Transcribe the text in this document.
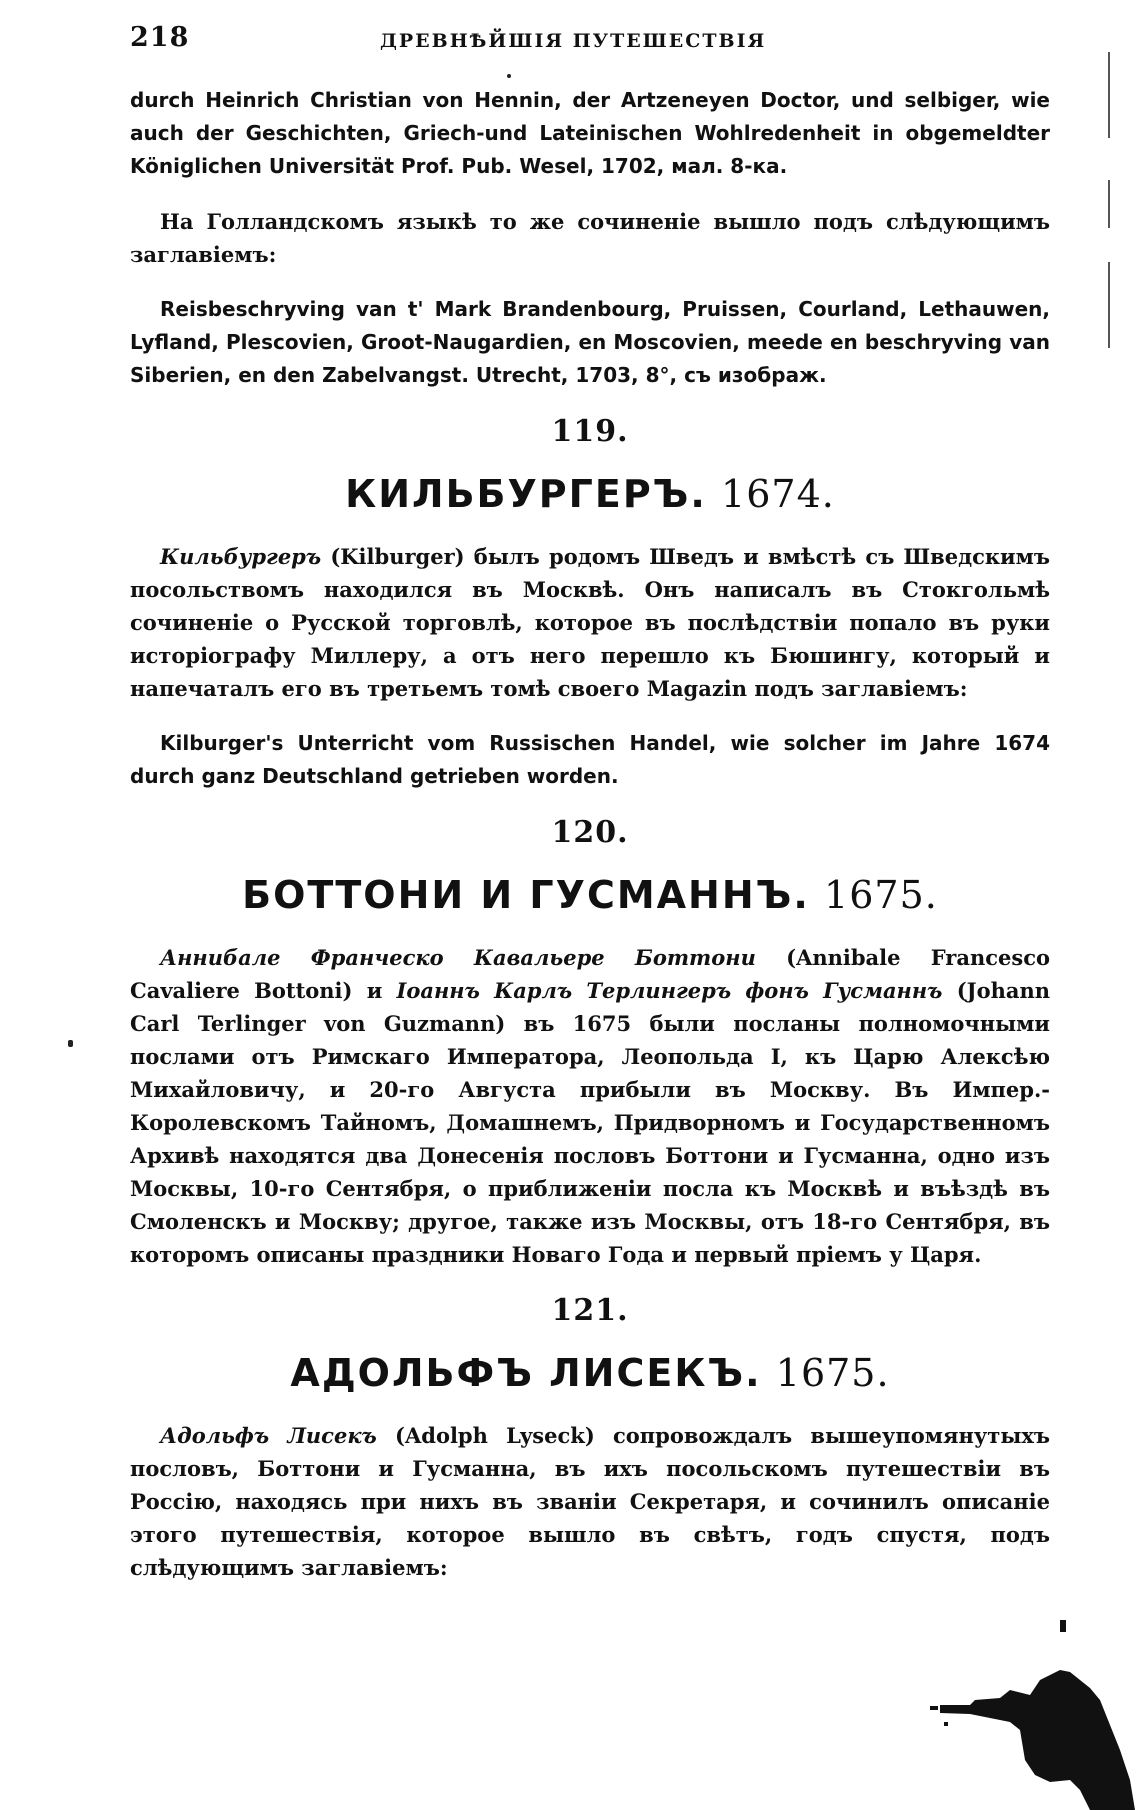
218	ДРЕВНѢЙШІЯ ПУТЕШЕСТВІЯ

durch Heinrich Christian von Hennin, der Artzeneyen Doctor, und selbiger, wie auch der Geschichten, Griech-und Lateinischen Wohlredenheit in obgemeldter Königlichen Universität Prof. Pub. Wesel, 1702, мал. 8-ка.

На Голландскомъ языкѣ то же сочиненіе вышло подъ слѣдующимъ заглавіемъ:

Reisbeschryving van t' Mark Brandenbourg, Pruissen, Courland, Lethauwen, Lyfland, Plescovien, Groot-Naugardien, en Moscovien, meede en beschryving van Siberien, en den Zabelvangst. Utrecht, 1703, 8°, съ изображ.

119.
КИЛЬБУРГЕРЪ. 1674.

Кильбургеръ (Kilburger) былъ родомъ Шведъ и вмѣстѣ съ Шведскимъ посольствомъ находился въ Москвѣ. Онъ написалъ въ Стокгольмѣ сочиненіе о Русской торговлѣ, которое въ послѣдствіи попало въ руки исторіографу Миллеру, а отъ него перешло къ Бюшингу, который и напечаталъ его въ третьемъ томѣ своего Magazin подъ заглавіемъ:

Kilburger's Unterricht vom Russischen Handel, wie solcher im Jahre 1674 durch ganz Deutschland getrieben worden.

120.
БОТТОНИ И ГУСМАННЪ. 1675.

Аннибале Франческо Кавальере Боттони (Annibale Francesco Cavaliere Bottoni) и Іоаннъ Карлъ Терлингеръ фонъ Гусманнъ (Johann Carl Terlinger von Guzmann) въ 1675 были посланы полномочными послами отъ Римскаго Императора, Леопольда I, къ Царю Алексѣю Михайловичу, и 20-го Августа прибыли въ Москву. Въ Импер.-Королевскомъ Тайномъ, Домашнемъ, Придворномъ и Государственномъ Архивѣ находятся два Донесенія пословъ Боттони и Гусманна, одно изъ Москвы, 10-го Сентября, о приближеніи посла къ Москвѣ и въѣздѣ въ Смоленскъ и Москву; другое, также изъ Москвы, отъ 18-го Сентября, въ которомъ описаны праздники Новаго Года и первый пріемъ у Царя.

121.
АДОЛЬФЪ ЛИСЕКЪ. 1675.

Адольфъ Лисекъ (Adolph Lyseck) сопровождалъ вышеупомянутыхъ пословъ, Боттони и Гусманна, въ ихъ посольскомъ путешествіи въ Россію, находясь при нихъ въ званіи Секретаря, и сочинилъ описаніе этого путешествія, которое вышло въ свѣтъ, годъ спустя, подъ слѣдующимъ заглавіемъ:
